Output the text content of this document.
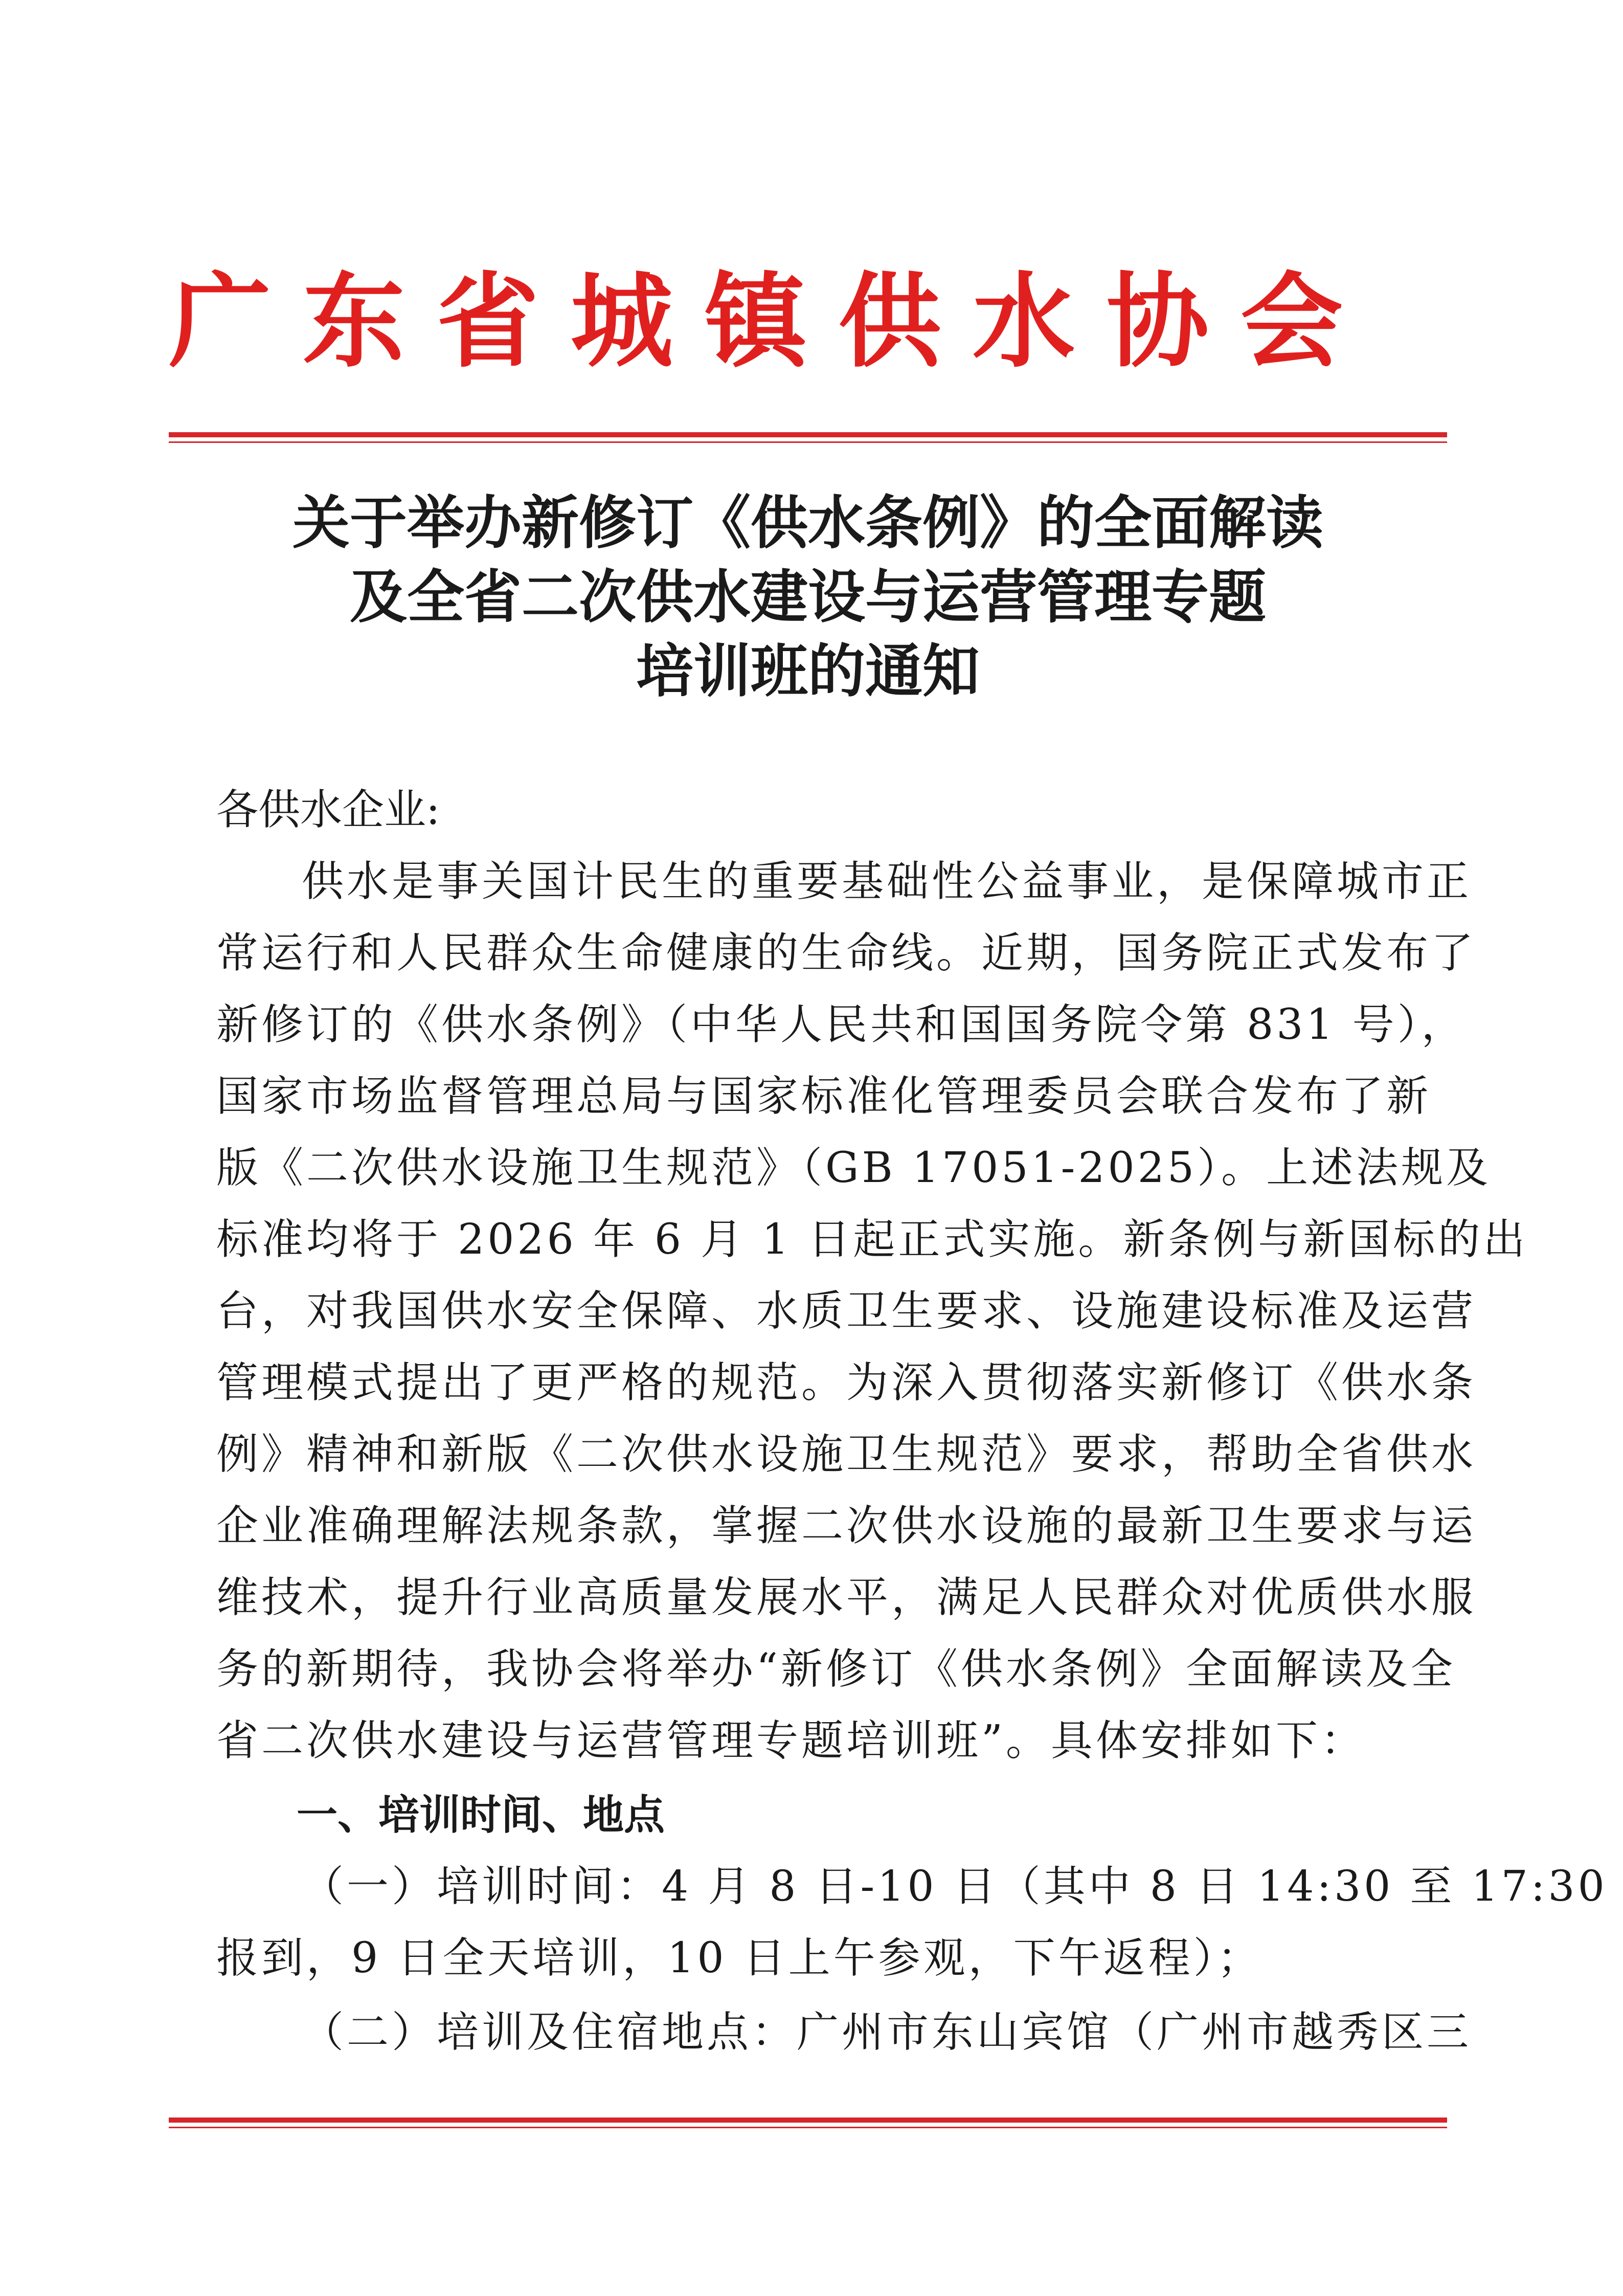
广东省城镇供水协会
关于举办新修订《供水条例》的全面解读
及全省二次供水建设与运营管理专题
培训班的通知
各供水企业:
供水是事关国计民生的重要基础性公益事业，是保障城市正
常运行和人民群众生命健康的生命线。近期，国务院正式发布了
新修订的《供水条例》（中华人民共和国国务院令第 831 号），
国家市场监督管理总局与国家标准化管理委员会联合发布了新
版《二次供水设施卫生规范》（GB 17051-2025）。上述法规及
标准均将于 2026 年 6 月 1 日起正式实施。新条例与新国标的出
台，对我国供水安全保障、水质卫生要求、设施建设标准及运营
管理模式提出了更严格的规范。为深入贯彻落实新修订《供水条
例》精神和新版《二次供水设施卫生规范》要求，帮助全省供水
企业准确理解法规条款，掌握二次供水设施的最新卫生要求与运
维技术，提升行业高质量发展水平，满足人民群众对优质供水服
务的新期待，我协会将举办“新修订《供水条例》全面解读及全
省二次供水建设与运营管理专题培训班”。具体安排如下：
一、培训时间、地点
（一）培训时间：4 月 8 日-10 日（其中 8 日 14:30 至 17:30
报到，9 日全天培训，10 日上午参观，下午返程）；
（二）培训及住宿地点：广州市东山宾馆（广州市越秀区三
